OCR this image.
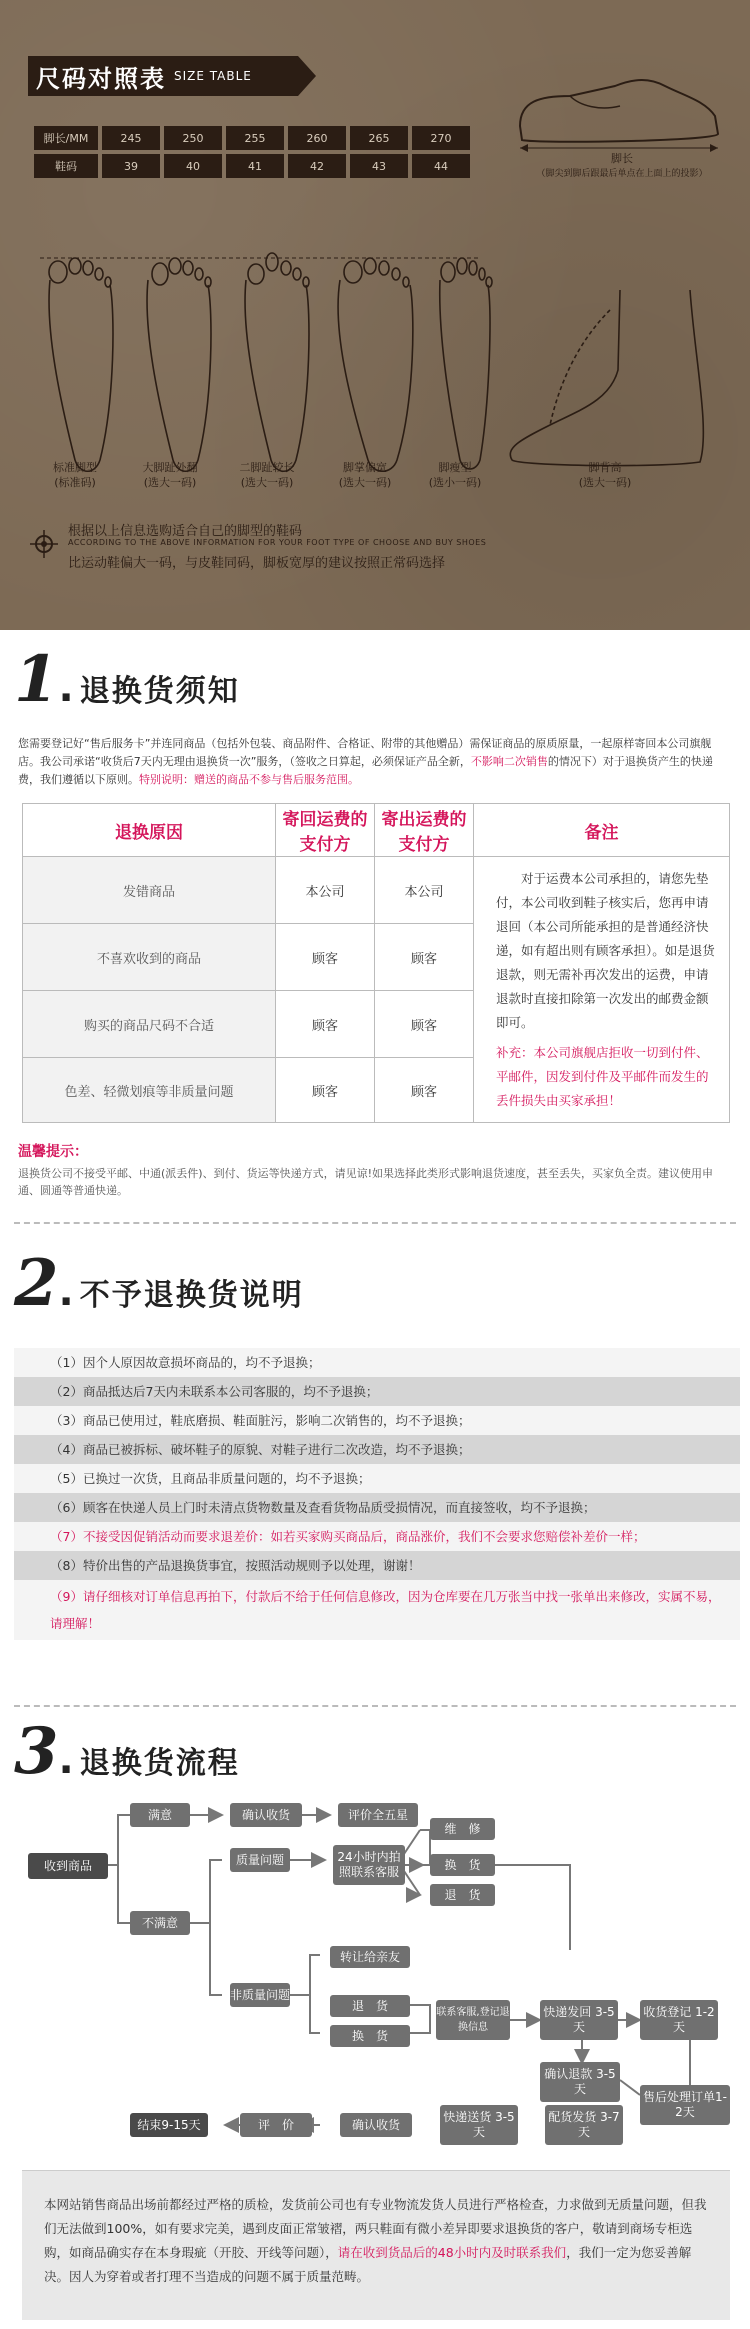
尺码对照表 SIZE TABLE
脚长/MM	245	250	255	260	265	270
鞋码	39	40	41	42	43	44
脚长
（脚尖到脚后跟最后单点在上面上的投影）
标准脚型
(标准码)
大脚趾外翻
(选大一码)
二脚趾较长
(选大一码)
脚掌偏宽
(选大一码)
脚瘦型
(选小一码)
脚背高
(选大一码)
根据以上信息选购适合自己的脚型的鞋码
ACCORDING TO THE ABOVE INFORMATION FOR YOUR FOOT TYPE OF CHOOSE AND BUY SHOES
比运动鞋偏大一码，与皮鞋同码，脚板宽厚的建议按照正常码选择
1 . 退换货须知
您需要登记好“售后服务卡”并连同商品（包括外包装、商品附件、合格证、附带的其他赠品）需保证商品的原质原量，一起原样寄回本公司旗舰店。我公司承诺“收货后7天内无理由退换货一次”服务，（签收之日算起，必须保证产品全新，不影响二次销售的情况下）对于退换货产生的快递费，我们遵循以下原则。特别说明：赠送的商品不参与售后服务范围。
退换原因	寄回运费的支付方	寄出运费的支付方	备注
发错商品	本公司	本公司	对于运费本公司承担的，请您先垫付，本公司收到鞋子核实后，您再申请退回（本公司所能承担的是普通经济快递，如有超出则有顾客承担）。如是退货退款，则无需补再次发出的运费，申请退款时直接扣除第一次发出的邮费金额即可。
补充：本公司旗舰店拒收一切到付件、平邮件，因发到付件及平邮件而发生的丢件损失由买家承担！

不喜欢收到的商品	顾客	顾客	
购买的商品尺码不合适	顾客	顾客	
色差、轻微划痕等非质量问题	顾客	顾客	
温馨提示：
退换货公司不接受平邮、中通(派丢件)、到付、货运等快递方式，请见谅!如果选择此类形式影响退货速度，甚至丢失，买家负全责。建议使用申通、圆通等普通快递。
2 . 不予退换货说明
（1）因个人原因故意损坏商品的，均不予退换；
（2）商品抵达后7天内未联系本公司客服的，均不予退换；
（3）商品已使用过，鞋底磨损、鞋面脏污，影响二次销售的，均不予退换；
（4）商品已被拆标、破坏鞋子的原貌、对鞋子进行二次改造，均不予退换；
（5）已换过一次货，且商品非质量问题的，均不予退换；
（6）顾客在快递人员上门时未清点货物数量及查看货物品质受损情况，而直接签收，均不予退换；
（7）不接受因促销活动而要求退差价：如若买家购买商品后，商品涨价，我们不会要求您赔偿补差价一样；
（8）特价出售的产品退换货事宜，按照活动规则予以处理，谢谢！
（9）请仔细核对订单信息再拍下，付款后不给于任何信息修改，因为仓库要在几万张当中找一张单出来修改，实属不易，请理解！
3 . 退换货流程
收到商品
满意	确认收货	评价全五星
不满意
质量问题	24小时内拍照联系客服
维　修
换　货
退　货
非质量问题
转让给亲友
退　货
换　货
联系客服,登记退换信息
快递发回 3-5天
收货登记 1-2天
确认退款 3-5天
售后处理订单1-2天
配货发货 3-7天
快递送货 3-5天
确认收货
评　价
结束9-15天
本网站销售商品出场前都经过严格的质检，发货前公司也有专业物流发货人员进行严格检查，力求做到无质量问题，但我们无法做到100%，如有要求完美，遇到皮面正常皱褶，两只鞋面有微小差异即要求退换货的客户，敬请到商场专柜选购，如商品确实存在本身瑕疵（开胶、开线等问题），请在收到货品后的48小时内及时联系我们，我们一定为您妥善解决。因人为穿着或者打理不当造成的问题不属于质量范畴。
